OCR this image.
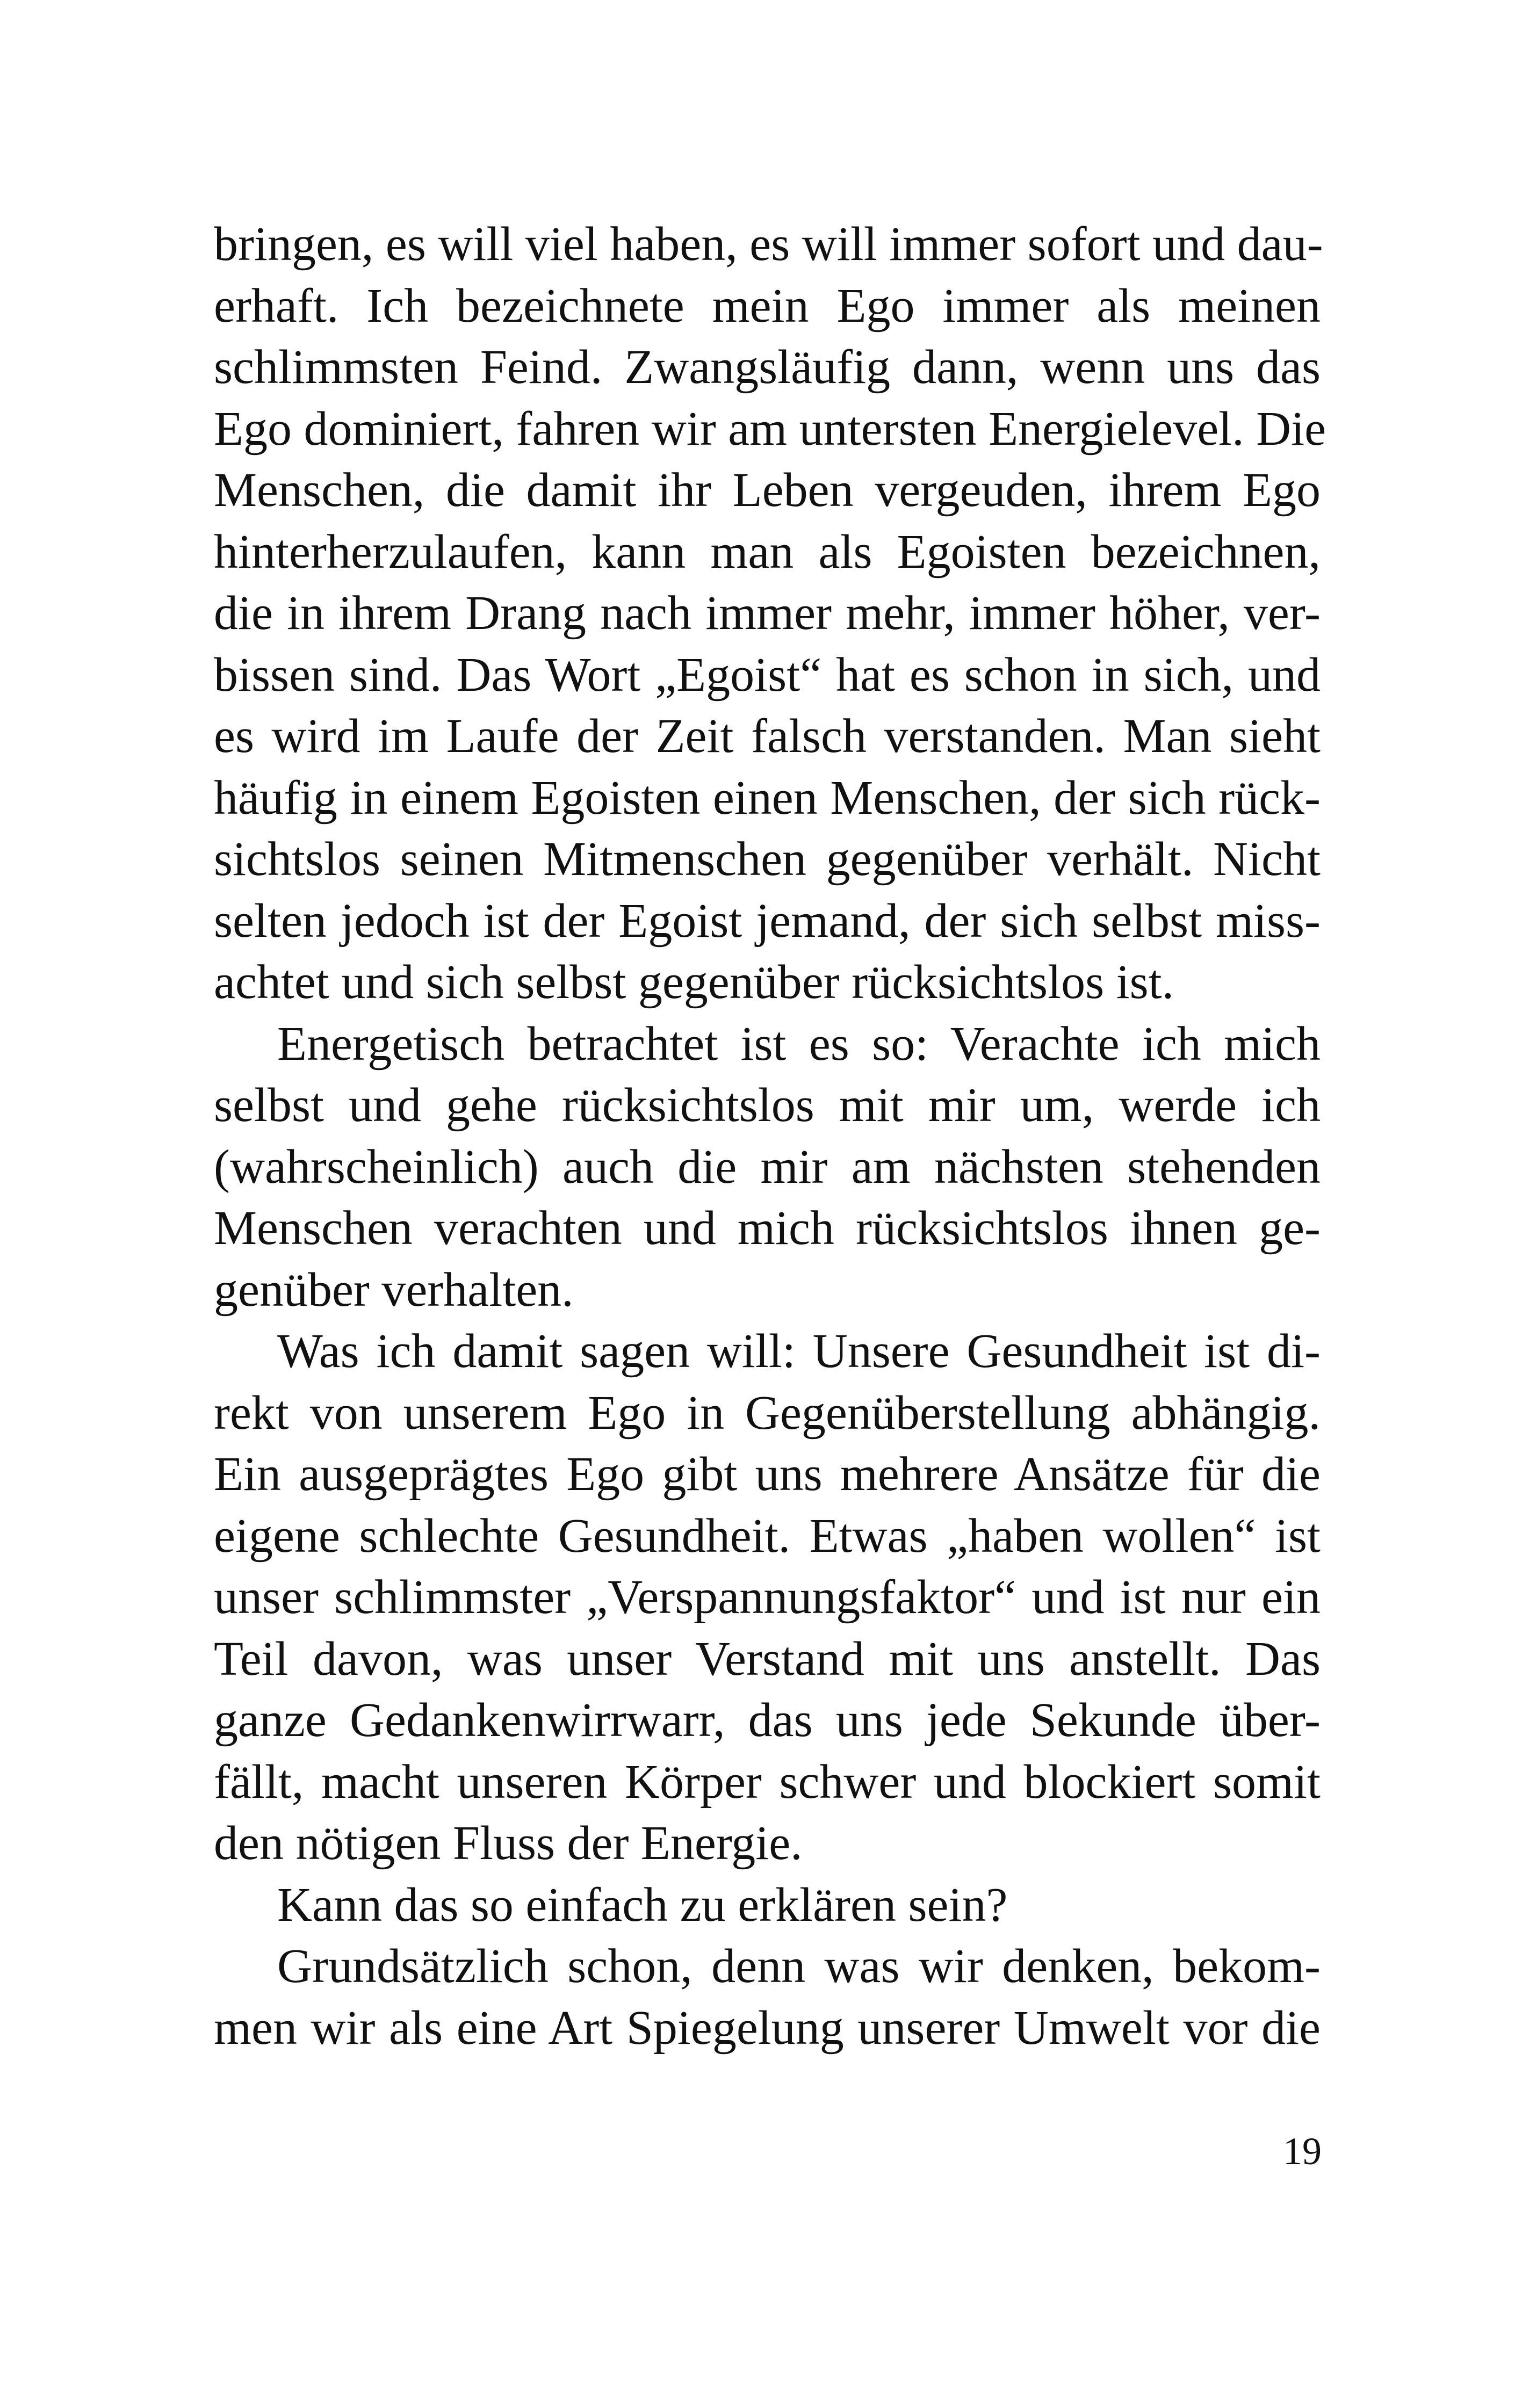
bringen, es will viel haben, es will immer sofort und dau-
erhaft. Ich bezeichnete mein Ego immer als meinen
schlimmsten Feind. Zwangsläufig dann, wenn uns das
Ego dominiert, fahren wir am untersten Energielevel. Die
Menschen, die damit ihr Leben vergeuden, ihrem Ego
hinterherzulaufen, kann man als Egoisten bezeichnen,
die in ihrem Drang nach immer mehr, immer höher, ver-
bissen sind. Das Wort „Egoist“ hat es schon in sich, und
es wird im Laufe der Zeit falsch verstanden. Man sieht
häufig in einem Egoisten einen Menschen, der sich rück-
sichtslos seinen Mitmenschen gegenüber verhält. Nicht
selten jedoch ist der Egoist jemand, der sich selbst miss-
achtet und sich selbst gegenüber rücksichtslos ist.
Energetisch betrachtet ist es so: Verachte ich mich
selbst und gehe rücksichtslos mit mir um, werde ich
(wahrscheinlich) auch die mir am nächsten stehenden
Menschen verachten und mich rücksichtslos ihnen ge-
genüber verhalten.
Was ich damit sagen will: Unsere Gesundheit ist di-
rekt von unserem Ego in Gegenüberstellung abhängig.
Ein ausgeprägtes Ego gibt uns mehrere Ansätze für die
eigene schlechte Gesundheit. Etwas „haben wollen“ ist
unser schlimmster „Verspannungsfaktor“ und ist nur ein
Teil davon, was unser Verstand mit uns anstellt. Das
ganze Gedankenwirrwarr, das uns jede Sekunde über-
fällt, macht unseren Körper schwer und blockiert somit
den nötigen Fluss der Energie.
Kann das so einfach zu erklären sein?
Grundsätzlich schon, denn was wir denken, bekom-
men wir als eine Art Spiegelung unserer Umwelt vor die
19
